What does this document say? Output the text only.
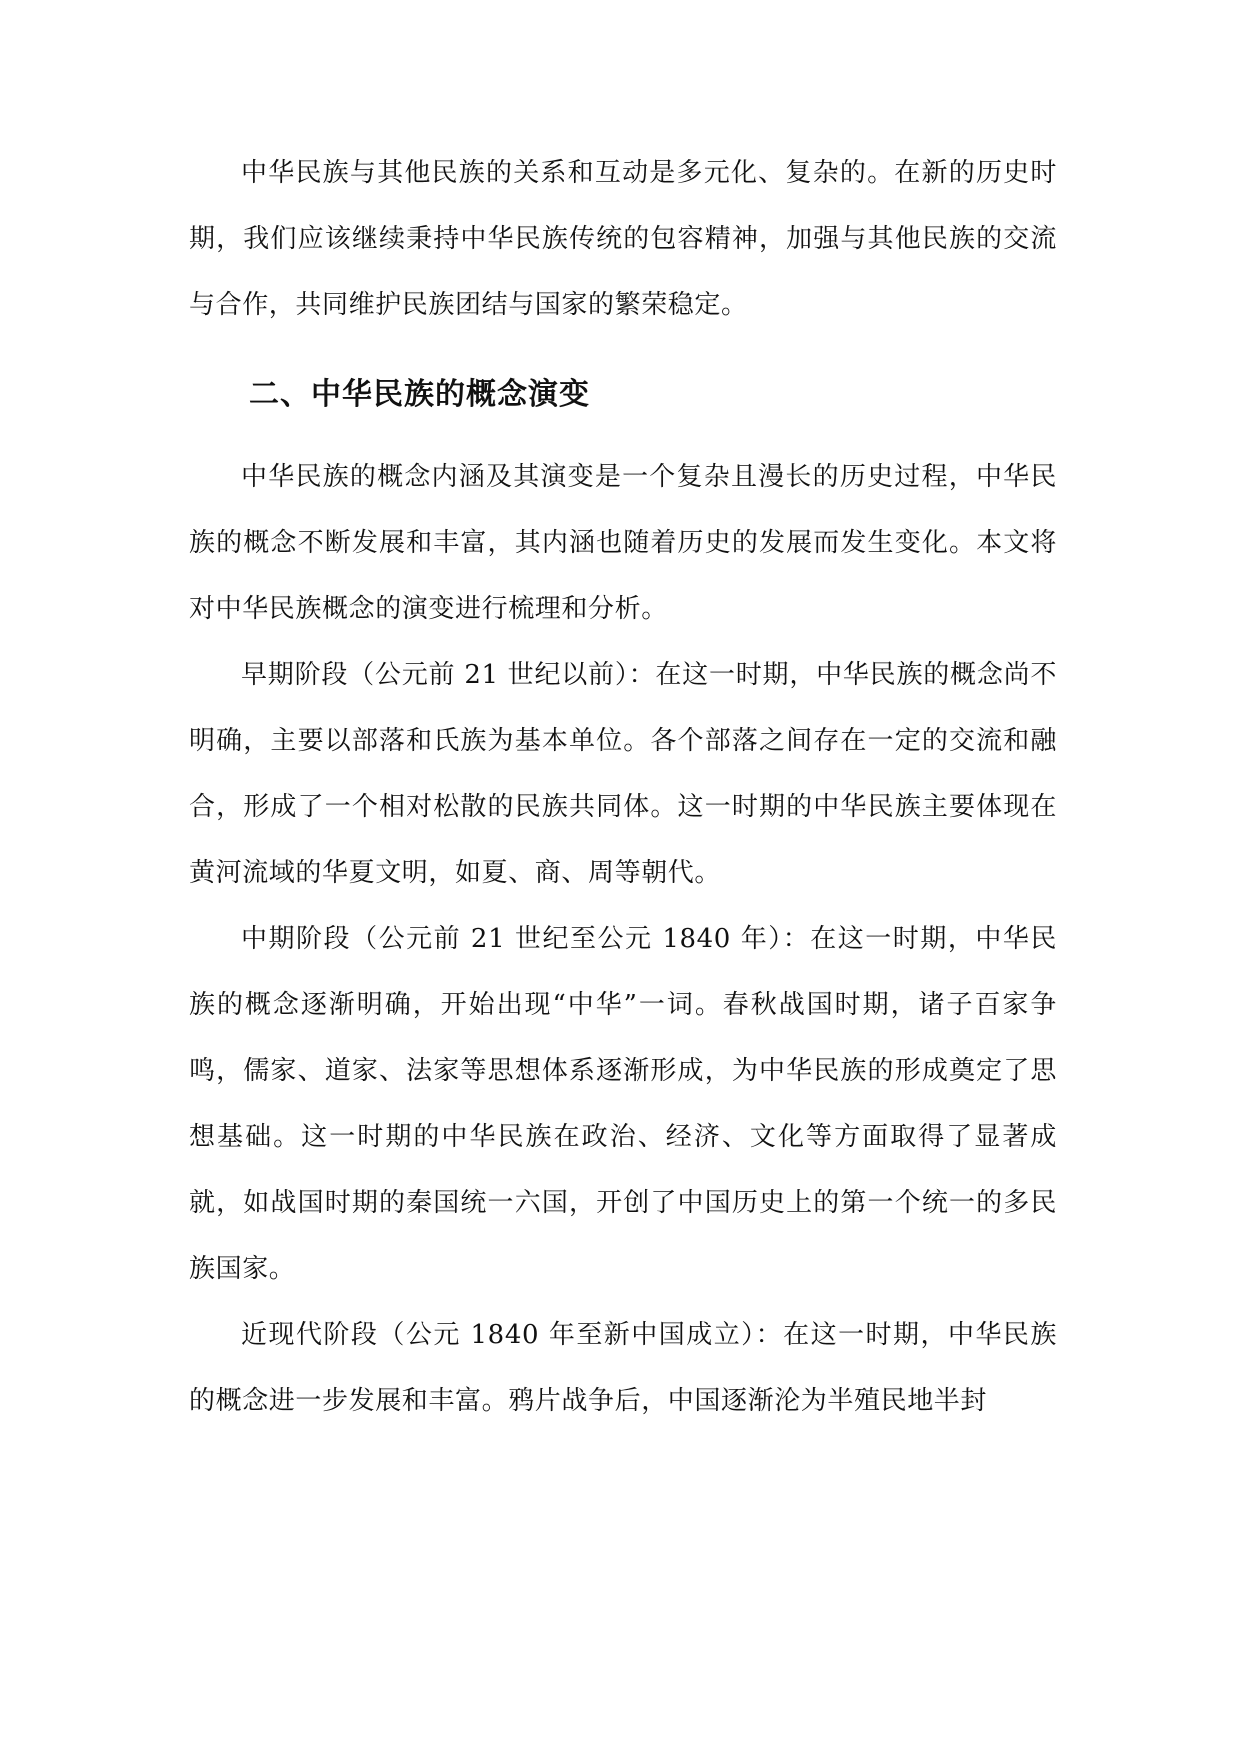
中华民族与其他民族的关系和互动是多元化、复杂的。在新的历史时期，我们应该继续秉持中华民族传统的包容精神，加强与其他民族的交流与合作，共同维护民族团结与国家的繁荣稳定。

二、中华民族的概念演变

中华民族的概念内涵及其演变是一个复杂且漫长的历史过程，中华民族的概念不断发展和丰富，其内涵也随着历史的发展而发生变化。本文将对中华民族概念的演变进行梳理和分析。

早期阶段（公元前 21 世纪以前）：在这一时期，中华民族的概念尚不明确，主要以部落和氏族为基本单位。各个部落之间存在一定的交流和融合，形成了一个相对松散的民族共同体。这一时期的中华民族主要体现在黄河流域的华夏文明，如夏、商、周等朝代。

中期阶段（公元前 21 世纪至公元 1840 年）：在这一时期，中华民族的概念逐渐明确，开始出现“中华”一词。春秋战国时期，诸子百家争鸣，儒家、道家、法家等思想体系逐渐形成，为中华民族的形成奠定了思想基础。这一时期的中华民族在政治、经济、文化等方面取得了显著成就，如战国时期的秦国统一六国，开创了中国历史上的第一个统一的多民族国家。

近现代阶段（公元 1840 年至新中国成立）：在这一时期，中华民族的概念进一步发展和丰富。鸦片战争后，中国逐渐沦为半殖民地半封
